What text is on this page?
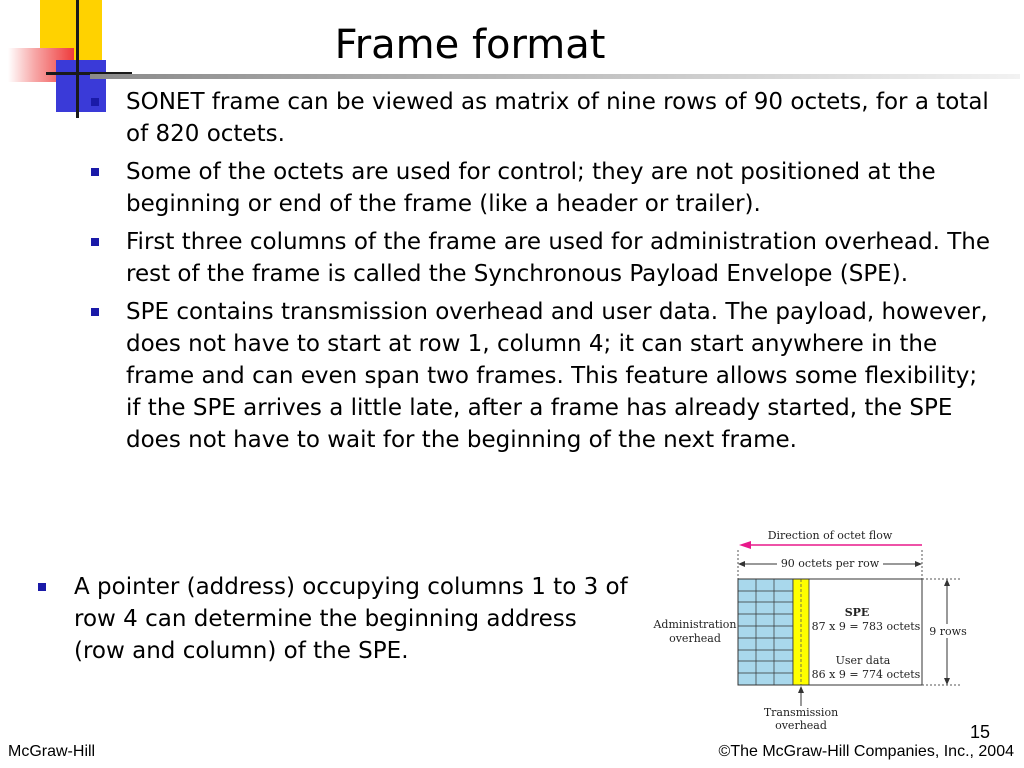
Frame format
SONET frame can be viewed as matrix of nine rows of 90 octets, for a total of 820 octets.
Some of the octets are used for control; they are not positioned at the beginning or end of the frame (like a header or trailer).
First three columns of the frame are used for administration overhead. The rest of the frame is called the Synchronous Payload Envelope (SPE).
SPE contains transmission overhead and user data. The payload, however, does not have to start at row 1, column 4; it can start anywhere in the frame and can even span two frames. This feature allows some flexibility; if the SPE arrives a little late, after a frame has already started, the SPE does not have to wait for the beginning of the next frame.
A pointer (address) occupying columns 1 to 3 of row 4 can determine the beginning address (row and column) of the SPE.
Direction of octet flow
90 octets per row
SPE
87 x 9 = 783 octets
User data
86 x 9 = 774 octets
Administration
overhead
9 rows
Transmission
overhead	15
McGraw-Hill	©The McGraw-Hill Companies, Inc., 2004
